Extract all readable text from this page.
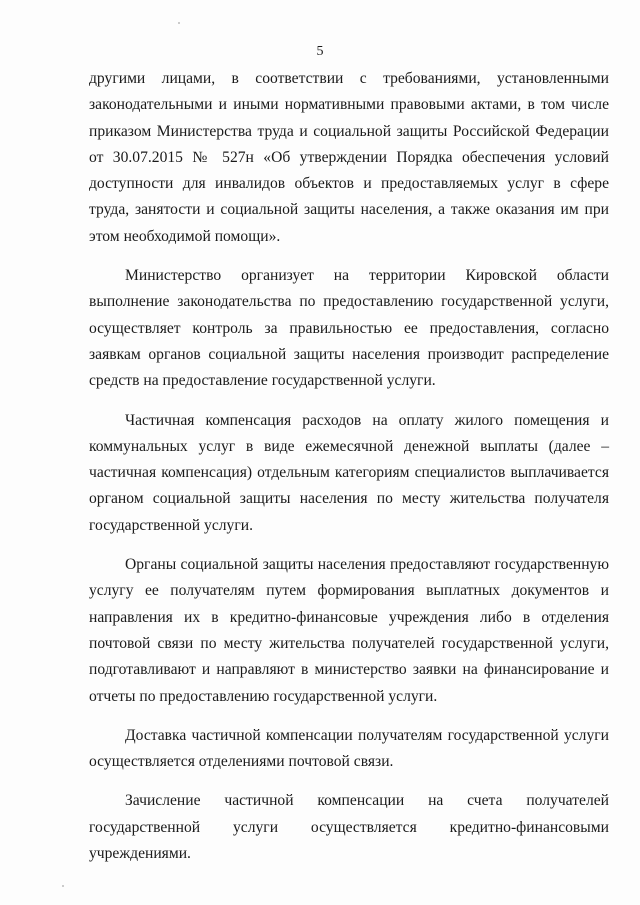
5

другими лицами, в соответствии с требованиями, установленными законодательными и иными нормативными правовыми актами, в том числе приказом Министерства труда и социальной защиты Российской Федерации от 30.07.2015 № 527н «Об утверждении Порядка обеспечения условий доступности для инвалидов объектов и предоставляемых услуг в сфере труда, занятости и социальной защиты населения, а также оказания им при этом необходимой помощи».

Министерство организует на территории Кировской области выполнение законодательства по предоставлению государственной услуги, осуществляет контроль за правильностью ее предоставления, согласно заявкам органов социальной защиты населения производит распределение средств на предоставление государственной услуги.

Частичная компенсация расходов на оплату жилого помещения и коммунальных услуг в виде ежемесячной денежной выплаты (далее – частичная компенсация) отдельным категориям специалистов выплачивается органом социальной защиты населения по месту жительства получателя государственной услуги.

Органы социальной защиты населения предоставляют государственную услугу ее получателям путем формирования выплатных документов и направления их в кредитно-финансовые учреждения либо в отделения почтовой связи по месту жительства получателей государственной услуги, подготавливают и направляют в министерство заявки на финансирование и отчеты по предоставлению государственной услуги.

Доставка частичной компенсации получателям государственной услуги осуществляется отделениями почтовой связи.

Зачисление частичной компенсации на счета получателей государственной услуги осуществляется кредитно-финансовыми учреждениями.
